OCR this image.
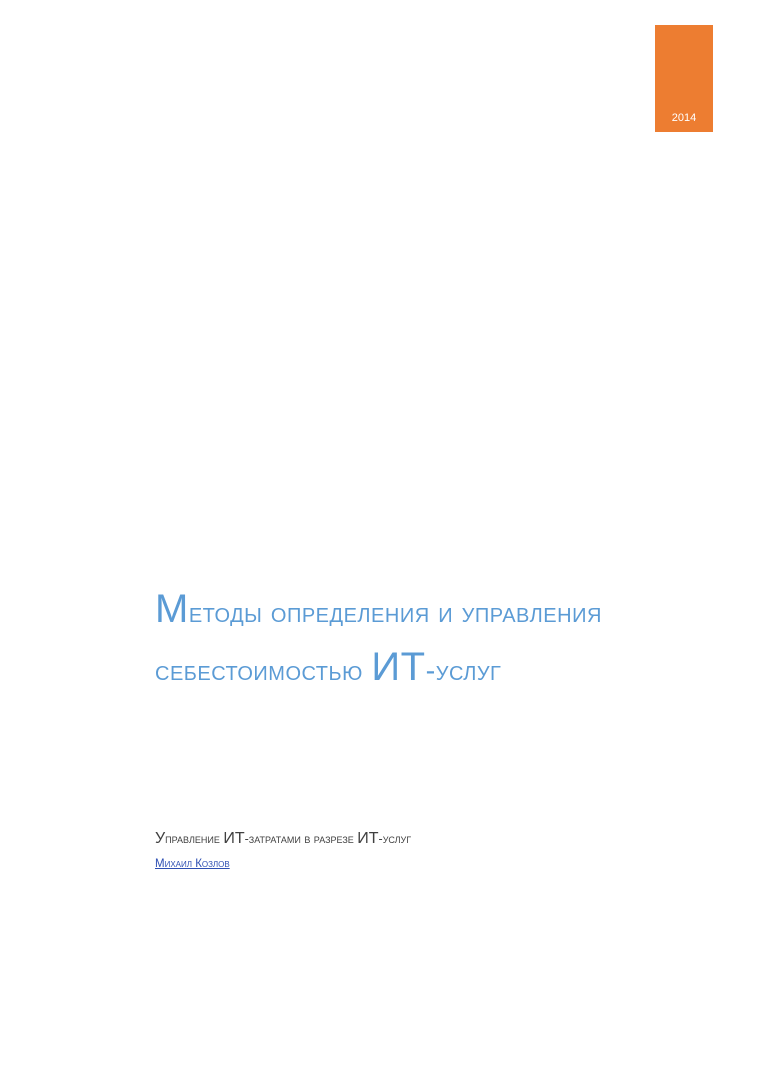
2014
Методы определения и управления себестоимостью ИТ-услуг

Управление ИТ-затратами в разрезе ИТ-услуг

Михаил Козлов
